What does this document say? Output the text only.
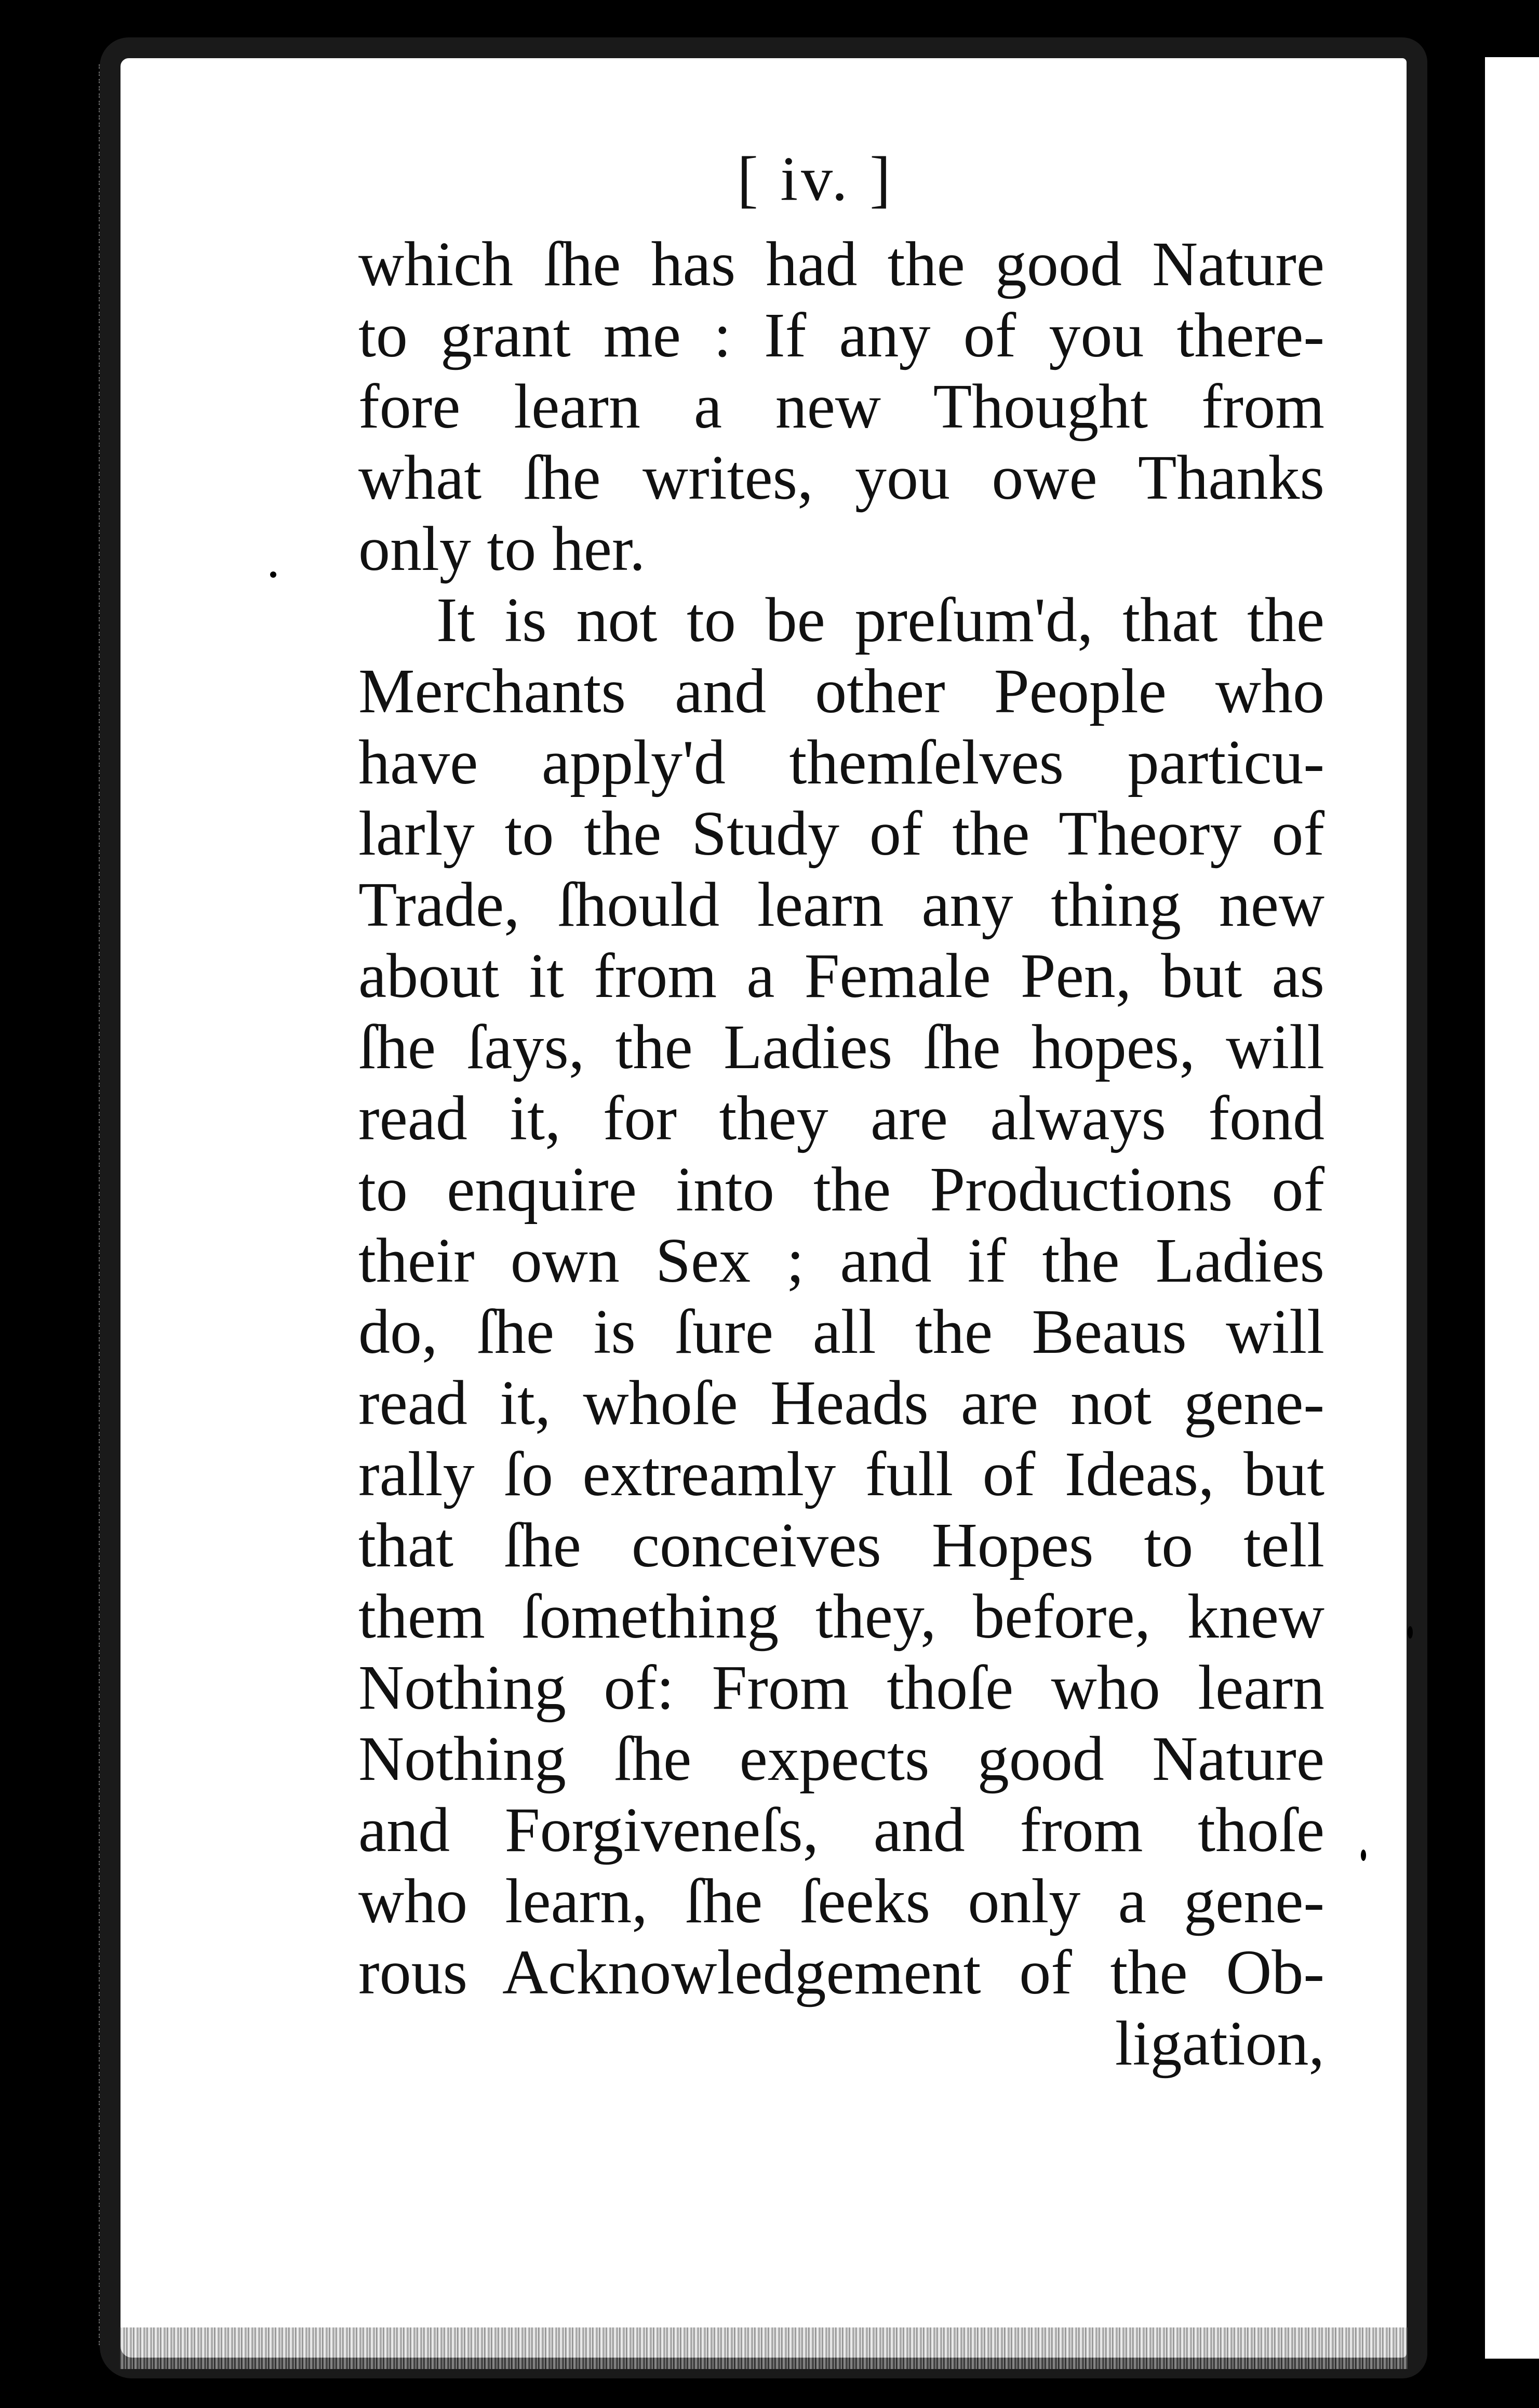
[ iv. ]
which ſhe has had the good Nature
to grant me : If any of you there-
fore learn a new Thought from
what ſhe writes, you owe Thanks
only to her.
It is not to be preſum'd, that the
Merchants and other People who
have apply'd themſelves particu-
larly to the Study of the Theory of
Trade, ſhould learn any thing new
about it from a Female Pen, but as
ſhe ſays, the Ladies ſhe hopes, will
read it, for they are always fond
to enquire into the Productions of
their own Sex ; and if the Ladies
do, ſhe is ſure all the Beaus will
read it, whoſe Heads are not gene-
rally ſo extreamly full of Ideas, but
that ſhe conceives Hopes to tell
them ſomething they, before, knew
Nothing of: From thoſe who learn
Nothing ſhe expects good Nature
and Forgiveneſs, and from thoſe
who learn, ſhe ſeeks only a gene-
rous Acknowledgement of the Ob-
ligation,
